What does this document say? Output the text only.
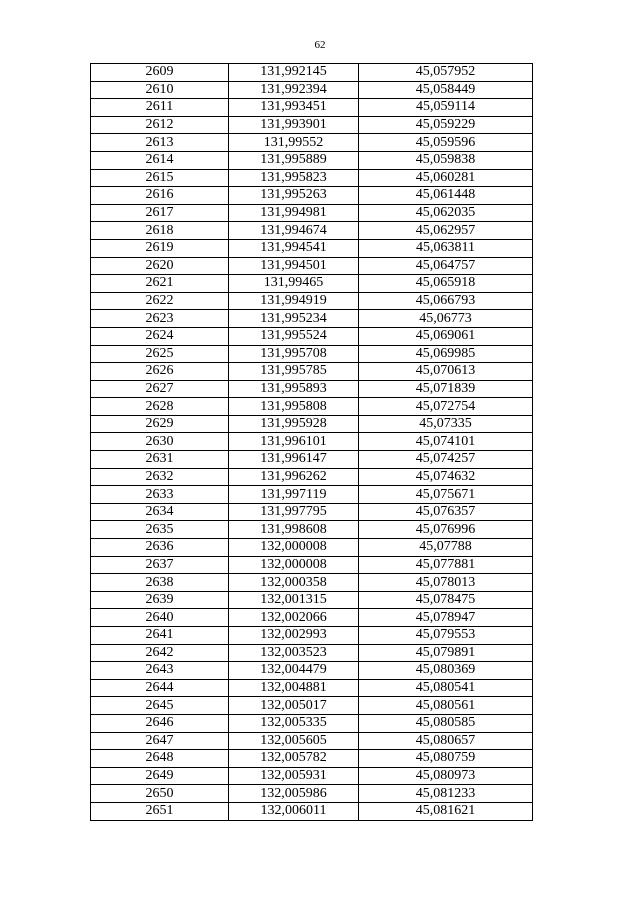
62
2609	131,992145	45,057952
2610	131,992394	45,058449
2611	131,993451	45,059114
2612	131,993901	45,059229
2613	131,99552	45,059596
2614	131,995889	45,059838
2615	131,995823	45,060281
2616	131,995263	45,061448
2617	131,994981	45,062035
2618	131,994674	45,062957
2619	131,994541	45,063811
2620	131,994501	45,064757
2621	131,99465	45,065918
2622	131,994919	45,066793
2623	131,995234	45,06773
2624	131,995524	45,069061
2625	131,995708	45,069985
2626	131,995785	45,070613
2627	131,995893	45,071839
2628	131,995808	45,072754
2629	131,995928	45,07335
2630	131,996101	45,074101
2631	131,996147	45,074257
2632	131,996262	45,074632
2633	131,997119	45,075671
2634	131,997795	45,076357
2635	131,998608	45,076996
2636	132,000008	45,07788
2637	132,000008	45,077881
2638	132,000358	45,078013
2639	132,001315	45,078475
2640	132,002066	45,078947
2641	132,002993	45,079553
2642	132,003523	45,079891
2643	132,004479	45,080369
2644	132,004881	45,080541
2645	132,005017	45,080561
2646	132,005335	45,080585
2647	132,005605	45,080657
2648	132,005782	45,080759
2649	132,005931	45,080973
2650	132,005986	45,081233
2651	132,006011	45,081621
